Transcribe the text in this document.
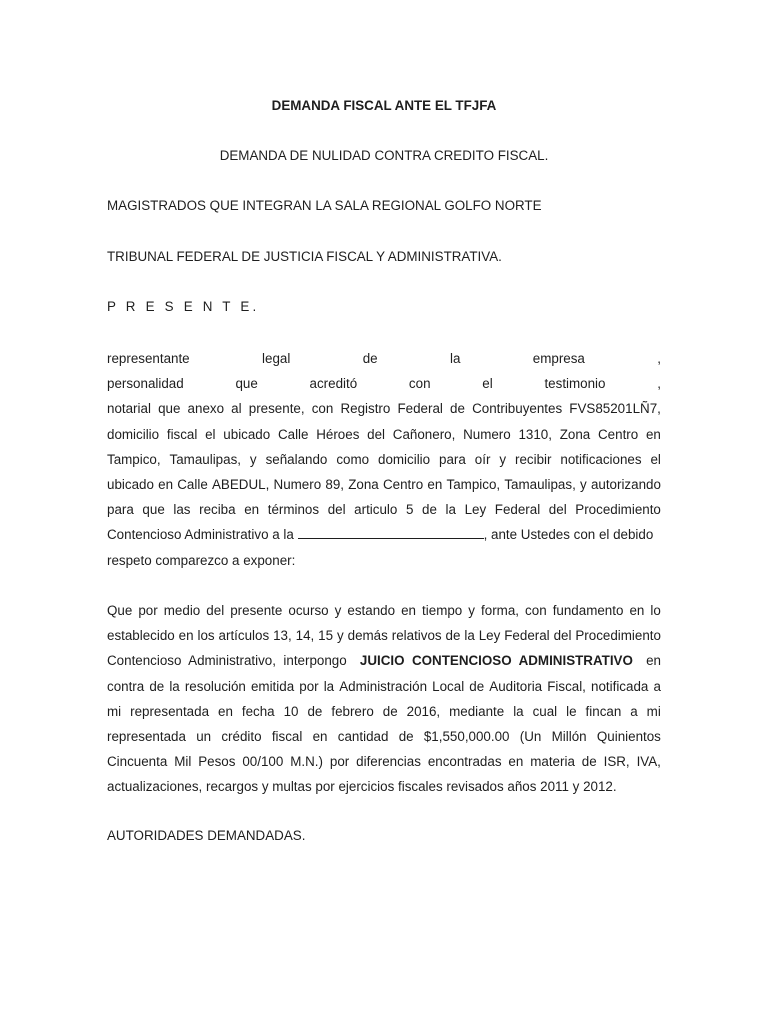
DEMANDA FISCAL ANTE EL TFJFA
DEMANDA DE NULIDAD CONTRA CREDITO FISCAL.
MAGISTRADOS QUE INTEGRAN LA SALA REGIONAL GOLFO NORTE
TRIBUNAL FEDERAL DE JUSTICIA FISCAL Y ADMINISTRATIVA.
P R E S E N T E.
representante	legal	de	la	empresa	,
personalidad	que	acreditó	con	el	testimonio	,
notarial que anexo al presente, con Registro Federal de Contribuyentes FVS85201LÑ7,
domicilio fiscal el ubicado Calle Héroes del Cañonero, Numero 1310, Zona Centro en
Tampico, Tamaulipas, y señalando como domicilio para oír y recibir notificaciones el
ubicado en Calle ABEDUL, Numero 89, Zona Centro en Tampico, Tamaulipas, y autorizando
para que las reciba en términos del articulo 5 de la Ley Federal del Procedimiento
Contencioso Administrativo a la	, ante Ustedes con el debido
respeto comparezco a exponer:
Que por medio del presente ocurso y estando en tiempo y forma, con fundamento en lo
establecido en los artículos 13, 14, 15 y demás relativos de la Ley Federal del Procedimiento
Contencioso  Administrativo,  interpongo JUICIO  CONTENCIOSO  ADMINISTRATIVO en
contra de la resolución emitida por la Administración Local de Auditoria Fiscal, notificada a
mi representada en fecha 10 de febrero de 2016, mediante la cual le fincan a mi
representada un crédito fiscal en cantidad de $1,550,000.00 (Un Millón Quinientos
Cincuenta Mil Pesos 00/100 M.N.) por diferencias encontradas en materia de ISR, IVA,
actualizaciones, recargos y multas por ejercicios fiscales revisados años 2011 y 2012.
AUTORIDADES DEMANDADAS.
